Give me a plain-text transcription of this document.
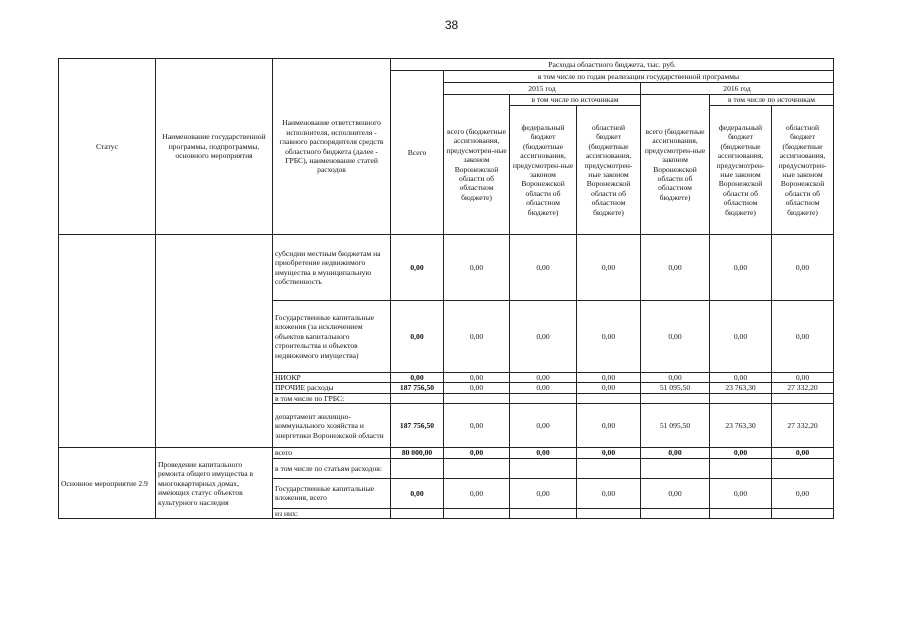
38
Статус	Наименование государственной программы, подпрограммы, основного мероприятия	Наименование ответственного исполнителя, исполнителя - главного распорядителя средств областного бюджета (далее - ГРБС), наименование статей расходов	Расходы областного бюджета, тыс. руб.						
			Всего	в том числе по годам реализации государственной программы					
				2015 год			2016 год		
				всего (бюджетные ассигнования, предусмотрен-ные законом Воронежской области об областном бюджете)	в том числе по источникам		всего (бюджетные ассигнования, предусмотрен-ные законом Воронежской области об областном бюджете)	в том числе по источникам	
					федеральный бюджет (бюджетные ассигнования, предусмотрен-ные законом Воронежской области об областном бюджете)	областной бюджет (бюджетные ассигнования, предусмотрен-ные законом Воронежской области об областном бюджете)		федеральный бюджет (бюджетные ассигнования, предусмотрен-ные законом Воронежской области об областном бюджете)	областной бюджет (бюджетные ассигнования, предусмотрен-ные законом Воронежской области об областном бюджете)
		субсидии местным бюджетам на приобретение недвижимого имущества в муниципальную собственность	0,00	0,00	0,00	0,00	0,00	0,00	0,00
		Государственные капитальные вложения (за исключением объектов капитального строительства и объектов недвижимого имущества)	0,00	0,00	0,00	0,00	0,00	0,00	0,00
		НИОКР	0,00	0,00	0,00	0,00	0,00	0,00	0,00
		ПРОЧИЕ расходы	187 756,50	0,00	0,00	0,00	51 095,50	23 763,30	27 332,20
		в том числе по ГРБС:							
		департамент жилищно-коммунального хозяйства и энергетики Воронежской области	187 756,50	0,00	0,00	0,00	51 095,50	23 763,30	27 332,20
Основное мероприятие 2.9	Проведение капитального ремонта общего имущества в многоквартирных домах, имеющих статус объектов культурного наследия	всего	80 000,00	0,00	0,00	0,00	0,00	0,00	0,00
		в том числе по статьям расходов:							
		Государственные капитальные вложения, всего	0,00	0,00	0,00	0,00	0,00	0,00	0,00
		из них:							
